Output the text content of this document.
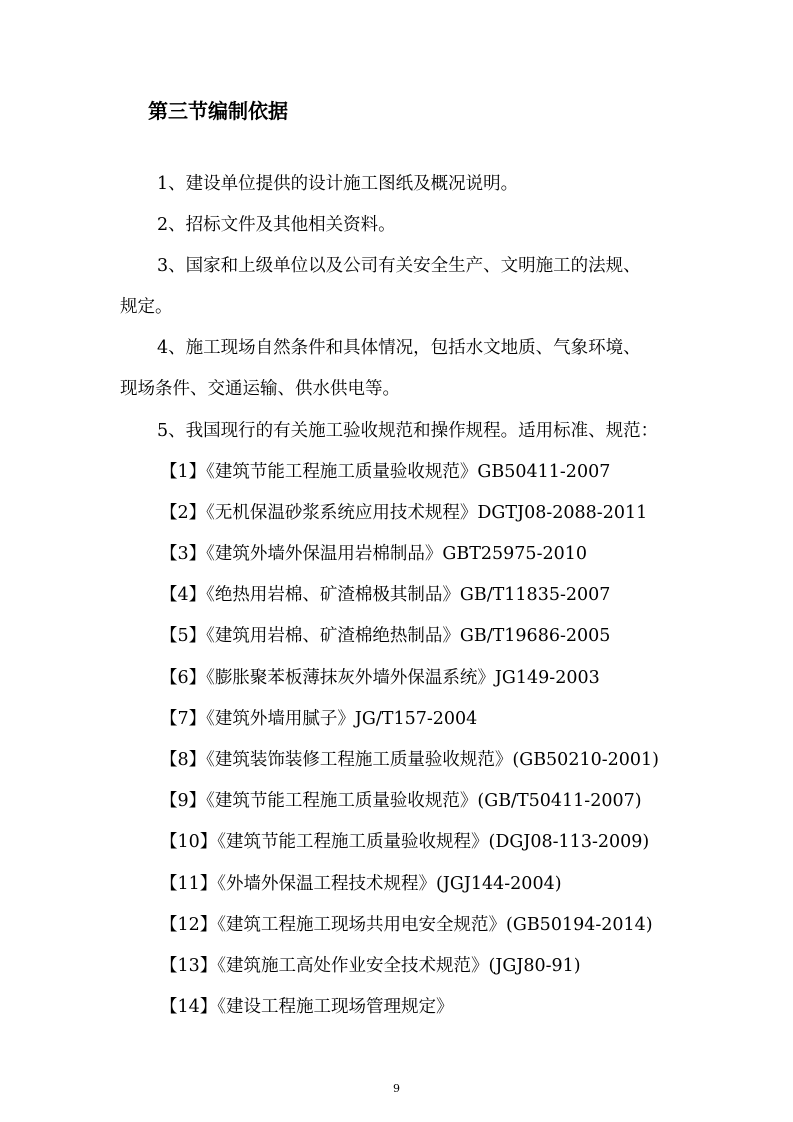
第三节编制依据
1、建设单位提供的设计施工图纸及概况说明。
2、招标文件及其他相关资料。
3、国家和上级单位以及公司有关安全生产、文明施工的法规、
规定。
4、施工现场自然条件和具体情况，包括水文地质、气象环境、
现场条件、交通运输、供水供电等。
5、我国现行的有关施工验收规范和操作规程。适用标准、规范：
【1】《建筑节能工程施工质量验收规范》GB50411-2007
【2】《无机保温砂浆系统应用技术规程》DGTJ08-2088-2011
【3】《建筑外墙外保温用岩棉制品》GBT25975-2010
【4】《绝热用岩棉、矿渣棉极其制品》GB/T11835-2007
【5】《建筑用岩棉、矿渣棉绝热制品》GB/T19686-2005
【6】《膨胀聚苯板薄抹灰外墙外保温系统》JG149-2003
【7】《建筑外墙用腻子》JG/T157-2004
【8】《建筑装饰装修工程施工质量验收规范》(GB50210-2001)
【9】《建筑节能工程施工质量验收规范》(GB/T50411-2007)
【10】《建筑节能工程施工质量验收规程》(DGJ08-113-2009)
【11】《外墙外保温工程技术规程》(JGJ144-2004)
【12】《建筑工程施工现场共用电安全规范》(GB50194-2014)
【13】《建筑施工高处作业安全技术规范》(JGJ80-91)
【14】《建设工程施工现场管理规定》
9
